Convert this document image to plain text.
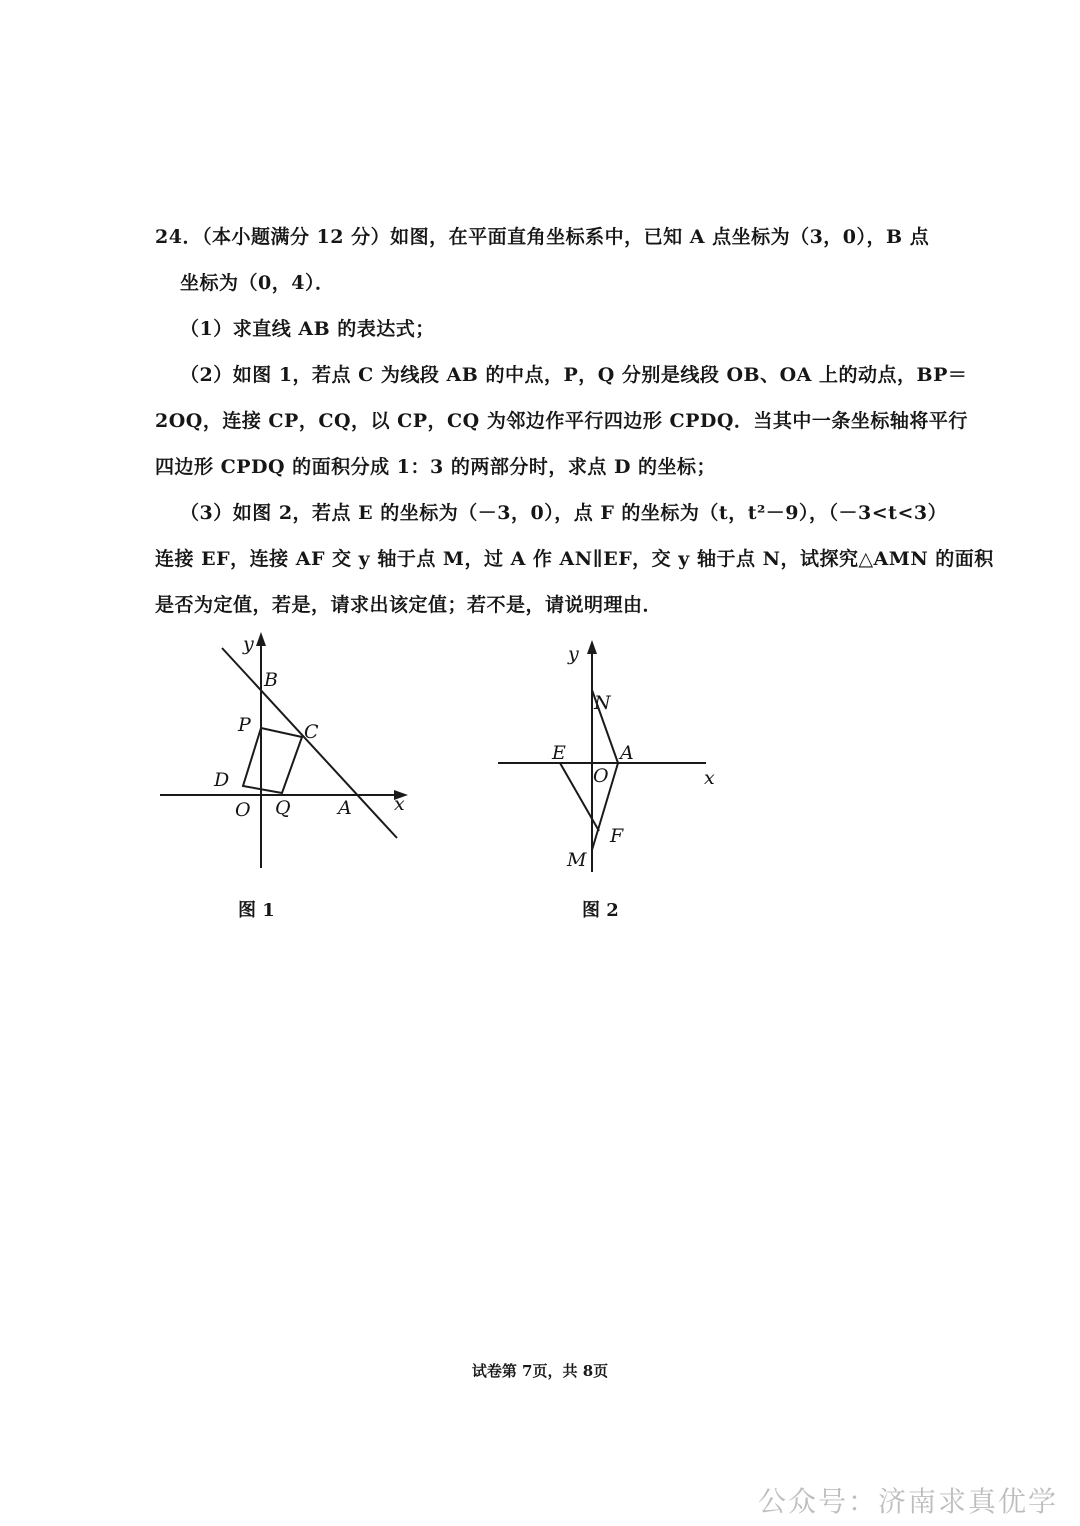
24．（本小题满分 12 分）如图，在平面直角坐标系中，已知 A 点坐标为（3，0），B 点
坐标为（0，4）．
（1）求直线 AB 的表达式；
（2）如图 1，若点 C 为线段 AB 的中点，P，Q 分别是线段 OB、OA 上的动点，BP＝
2OQ，连接 CP，CQ，以 CP，CQ 为邻边作平行四边形 CPDQ．当其中一条坐标轴将平行
四边形 CPDQ 的面积分成 1：3 的两部分时，求点 D 的坐标；
（3）如图 2，若点 E 的坐标为（－3，0），点 F 的坐标为（t，t²－9），（－3<t<3）
连接 EF，连接 AF 交 y 轴于点 M，过 A 作 AN∥EF，交 y 轴于点 N，试探究△AMN 的面积
是否为定值，若是，请求出该定值；若不是，请说明理由．
y
x
B
P	C
D
O Q A
图 1
y
x
N
E	A
O
F
M
图 2
试卷第 7页，共 8页
公众号：济南求真优学
